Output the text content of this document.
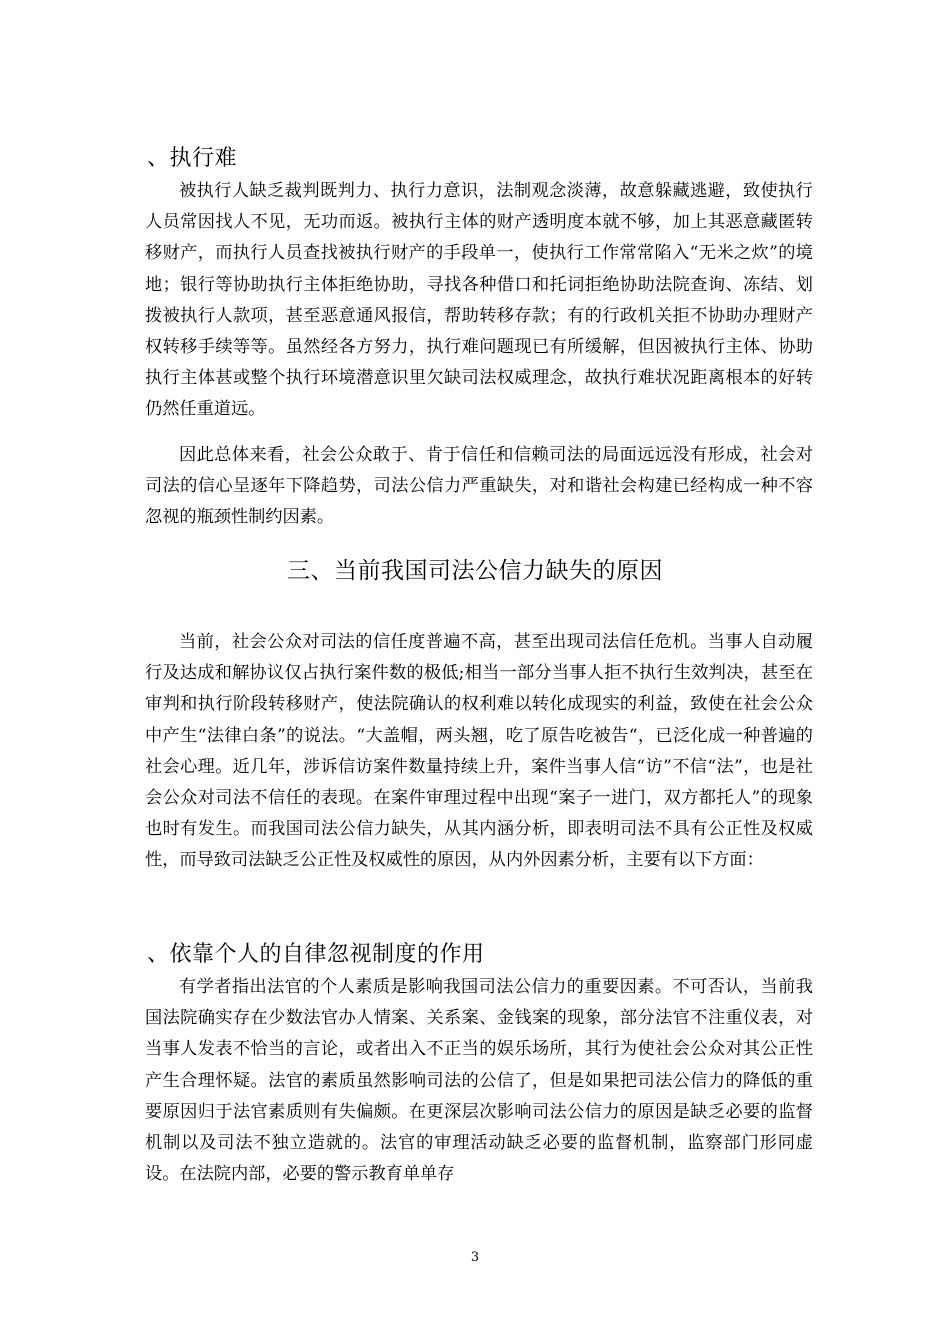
、执行难

被执行人缺乏裁判既判力、执行力意识，法制观念淡薄，故意躲藏逃避，致使执行人员常因找人不见，无功而返。被执行主体的财产透明度本就不够，加上其恶意藏匿转移财产，而执行人员查找被执行财产的手段单一，使执行工作常常陷入“无米之炊”的境地；银行等协助执行主体拒绝协助，寻找各种借口和托词拒绝协助法院查询、冻结、划拨被执行人款项，甚至恶意通风报信，帮助转移存款；有的行政机关拒不协助办理财产权转移手续等等。虽然经各方努力，执行难问题现已有所缓解，但因被执行主体、协助执行主体甚或整个执行环境潜意识里欠缺司法权威理念，故执行难状况距离根本的好转仍然任重道远。

因此总体来看，社会公众敢于、肯于信任和信赖司法的局面远远没有形成，社会对司法的信心呈逐年下降趋势，司法公信力严重缺失，对和谐社会构建已经构成一种不容忽视的瓶颈性制约因素。

三、当前我国司法公信力缺失的原因

当前，社会公众对司法的信任度普遍不高，甚至出现司法信任危机。当事人自动履行及达成和解协议仅占执行案件数的极低;相当一部分当事人拒不执行生效判决，甚至在审判和执行阶段转移财产，使法院确认的权利难以转化成现实的利益，致使在社会公众中产生“法律白条”的说法。“大盖帽，两头翘，吃了原告吃被告“，已泛化成一种普遍的社会心理。近几年，涉诉信访案件数量持续上升，案件当事人信“访”不信“法”，也是社会公众对司法不信任的表现。在案件审理过程中出现“案子一进门，双方都托人”的现象也时有发生。而我国司法公信力缺失，从其内涵分析，即表明司法不具有公正性及权威性，而导致司法缺乏公正性及权威性的原因，从内外因素分析，主要有以下方面：

、依靠个人的自律忽视制度的作用

有学者指出法官的个人素质是影响我国司法公信力的重要因素。不可否认，当前我国法院确实存在少数法官办人情案、关系案、金钱案的现象，部分法官不注重仪表，对当事人发表不恰当的言论，或者出入不正当的娱乐场所，其行为使社会公众对其公正性产生合理怀疑。法官的素质虽然影响司法的公信了，但是如果把司法公信力的降低的重要原因归于法官素质则有失偏颇。在更深层次影响司法公信力的原因是缺乏必要的监督机制以及司法不独立造就的。法官的审理活动缺乏必要的监督机制，监察部门形同虚设。在法院内部，必要的警示教育单单存

3
